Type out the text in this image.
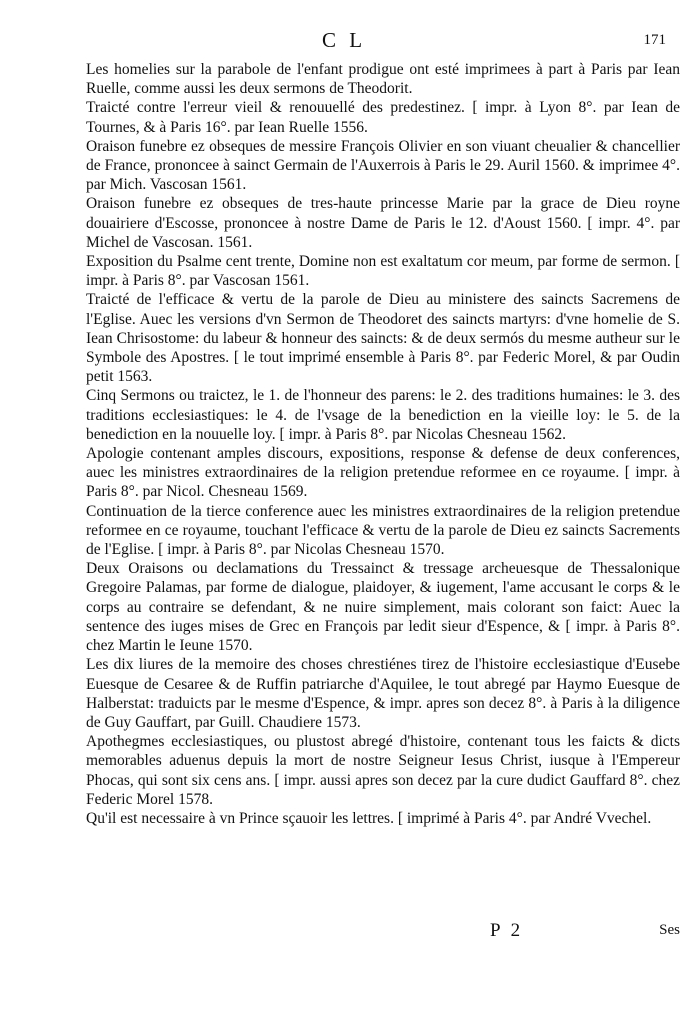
C L	171

Les homelies sur la parabole de l'enfant prodigue ont esté imprimees à part à Paris par Iean Ruelle, comme aussi les deux sermons de Theodorit.

Traicté contre l'erreur vieil & renouuellé des predestinez. [ impr. à Lyon 8°. par Iean de Tournes, & à Paris 16°. par Iean Ruelle 1556.

Oraison funebre ez obseques de messire François Olivier en son viuant cheualier & chancellier de France, prononcee à sainct Germain de l'Auxerrois à Paris le 29. Auril 1560. & imprimee 4°. par Mich. Vascosan 1561.

Oraison funebre ez obseques de tres-haute princesse Marie par la grace de Dieu royne douairiere d'Escosse, prononcee à nostre Dame de Paris le 12. d'Aoust 1560. [ impr. 4°. par Michel de Vascosan. 1561.

Exposition du Psalme cent trente, Domine non est exaltatum cor meum, par forme de sermon. [ impr. à Paris 8°. par Vascosan 1561.

Traicté de l'efficace & vertu de la parole de Dieu au ministere des saincts Sacremens de l'Eglise. Auec les versions d'vn Sermon de Theodoret des saincts martyrs: d'vne homelie de S. Iean Chrisostome: du labeur & honneur des saincts: & de deux sermós du mesme autheur sur le Symbole des Apostres. [ le tout imprimé ensemble à Paris 8°. par Federic Morel, & par Oudin petit 1563.

Cinq Sermons ou traictez, le 1. de l'honneur des parens: le 2. des traditions humaines: le 3. des traditions ecclesiastiques: le 4. de l'vsage de la benediction en la vieille loy: le 5. de la benediction en la nouuelle loy. [ impr. à Paris 8°. par Nicolas Chesneau 1562.

Apologie contenant amples discours, expositions, response & defense de deux conferences, auec les ministres extraordinaires de la religion pretendue reformee en ce royaume. [ impr. à Paris 8°. par Nicol. Chesneau 1569.

Continuation de la tierce conference auec les ministres extraordinaires de la religion pretendue reformee en ce royaume, touchant l'efficace & vertu de la parole de Dieu ez saincts Sacrements de l'Eglise. [ impr. à Paris 8°. par Nicolas Chesneau 1570.

Deux Oraisons ou declamations du Tressainct & tressage archeuesque de Thessalonique Gregoire Palamas, par forme de dialogue, plaidoyer, & iugement, l'ame accusant le corps & le corps au contraire se defendant, & ne nuire simplement, mais colorant son faict: Auec la sentence des iuges mises de Grec en François par ledit sieur d'Espence, & [ impr. à Paris 8°. chez Martin le Ieune 1570.

Les dix liures de la memoire des choses chrestiénes tirez de l'histoire ecclesiastique d'Eusebe Euesque de Cesaree & de Ruffin patriarche d'Aquilee, le tout abregé par Haymo Euesque de Halberstat: traduicts par le mesme d'Espence, & impr. apres son decez 8°. à Paris à la diligence de Guy Gauffart, par Guill. Chaudiere 1573.

Apothegmes ecclesiastiques, ou plustost abregé d'histoire, contenant tous les faicts & dicts memorables aduenus depuis la mort de nostre Seigneur Iesus Christ, iusque à l'Empereur Phocas, qui sont six cens ans. [ impr. aussi apres son decez par la cure dudict Gauffard 8°. chez Federic Morel 1578.

Qu'il est necessaire à vn Prince sçauoir les lettres. [ imprimé à Paris 4°. par André Vvechel.

P 2	Ses
